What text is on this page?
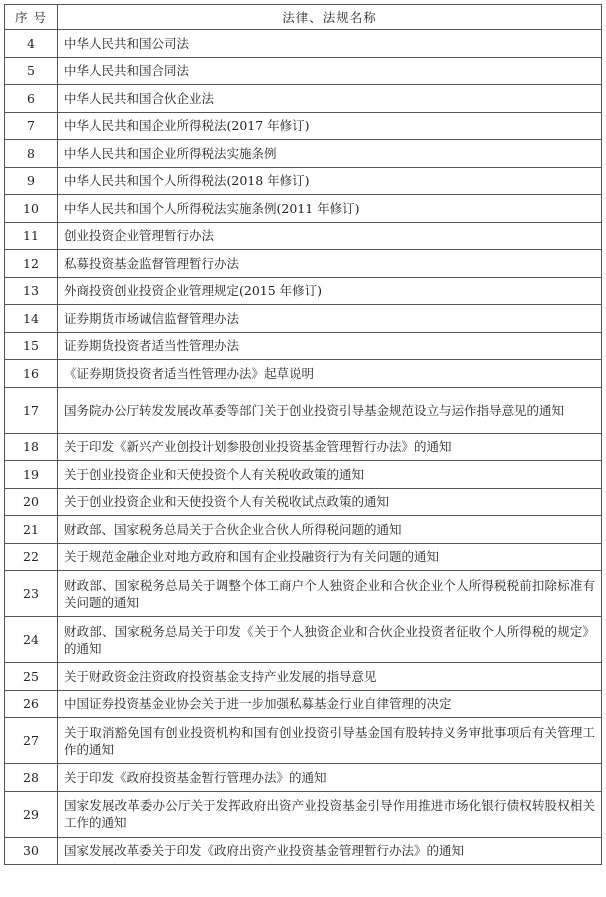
序 号	法律、法规名称
4	中华人民共和国公司法
5	中华人民共和国合同法
6	中华人民共和国合伙企业法
7	中华人民共和国企业所得税法(2017 年修订)
8	中华人民共和国企业所得税法实施条例
9	中华人民共和国个人所得税法(2018 年修订)
10	中华人民共和国个人所得税法实施条例(2011 年修订)
11	创业投资企业管理暂行办法
12	私募投资基金监督管理暂行办法
13	外商投资创业投资企业管理规定(2015 年修订)
14	证券期货市场诚信监督管理办法
15	证券期货投资者适当性管理办法
16	《证券期货投资者适当性管理办法》起草说明
17	国务院办公厅转发发展改革委等部门关于创业投资引导基金规范设立与运作指导意见的通知
18	关于印发《新兴产业创投计划参股创业投资基金管理暂行办法》的通知
19	关于创业投资企业和天使投资个人有关税收政策的通知
20	关于创业投资企业和天使投资个人有关税收试点政策的通知
21	财政部、国家税务总局关于合伙企业合伙人所得税问题的通知
22	关于规范金融企业对地方政府和国有企业投融资行为有关问题的通知
23	财政部、国家税务总局关于调整个体工商户个人独资企业和合伙企业个人所得税税前扣除标准有关问题的通知
24	财政部、国家税务总局关于印发《关于个人独资企业和合伙企业投资者征收个人所得税的规定》的通知
25	关于财政资金注资政府投资基金支持产业发展的指导意见
26	中国证券投资基金业协会关于进一步加强私募基金行业自律管理的决定
27	关于取消豁免国有创业投资机构和国有创业投资引导基金国有股转持义务审批事项后有关管理工作的通知
28	关于印发《政府投资基金暂行管理办法》的通知
29	国家发展改革委办公厅关于发挥政府出资产业投资基金引导作用推进市场化银行债权转股权相关工作的通知
30	国家发展改革委关于印发《政府出资产业投资基金管理暂行办法》的通知
